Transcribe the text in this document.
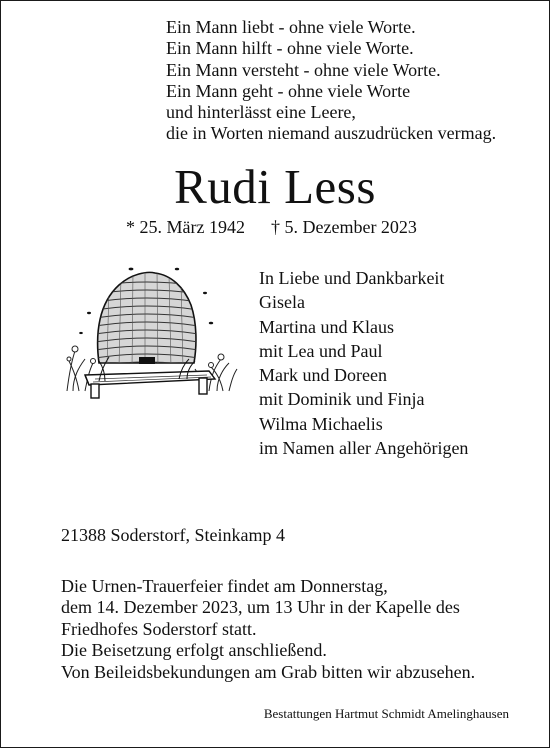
Ein Mann liebt - ohne viele Worte.
Ein Mann hilft - ohne viele Worte.
Ein Mann versteht - ohne viele Worte.
Ein Mann geht - ohne viele Worte
und hinterlässt eine Leere,
die in Worten niemand auszudrücken vermag.
Rudi Less
* 25. März 1942 † 5. Dezember 2023
In Liebe und Dankbarkeit
Gisela
Martina und Klaus
mit Lea und Paul
Mark und Doreen
mit Dominik und Finja
Wilma Michaelis
im Namen aller Angehörigen
21388 Soderstorf, Steinkamp 4
Die Urnen-Trauerfeier findet am Donnerstag,
dem 14. Dezember 2023, um 13 Uhr in der Kapelle des
Friedhofes Soderstorf statt.
Die Beisetzung erfolgt anschließend.
Von Beileidsbekundungen am Grab bitten wir abzusehen.
Bestattungen Hartmut Schmidt Amelinghausen
